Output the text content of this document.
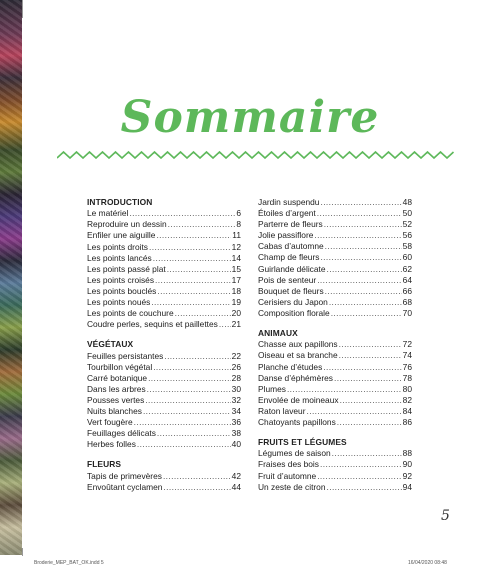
Sommaire
INTRODUCTION
Le matériel .....	6
Reproduire un dessin .....	8
Enfiler une aiguille .....	11
Les points droits .....	12
Les points lancés .....	14
Les points passé plat .....	15
Les points croisés .....	17
Les points bouclés .....	18
Les points noués .....	19
Les points de couchure .....	20
Coudre perles, sequins et paillettes ..... 21
VÉGÉTAUX
Feuilles persistantes .....	22
Tourbillon végétal .....	26
Carré botanique .....	28
Dans les arbres .....	30
Pousses vertes .....	32
Nuits blanches .....	34
Vert fougère .....	36
Feuillages délicats .....	38
Herbes folles .....	40
FLEURS
Tapis de primevères .....	42
Envoûtant cyclamen .....	44
Jardin suspendu .....	48
Étoiles d’argent .....	50
Parterre de fleurs .....	52
Jolie passiflore .....	56
Cabas d’automne .....	58
Champ de fleurs .....	60
Guirlande délicate .....	62
Pois de senteur .....	64
Bouquet de fleurs .....	66
Cerisiers du Japon .....	68
Composition florale .....	70
ANIMAUX
Chasse aux papillons .....	72
Oiseau et sa branche .....	74
Planche d’études .....	76
Danse d’éphémères .....	78
Plumes .....	80
Envolée de moineaux .....	82
Raton laveur .....	84
Chatoyants papillons .....	86
FRUITS ET LÉGUMES
Légumes de saison .....	88
Fraises des bois .....	90
Fruit d’automne .....	92
Un zeste de citron .....	94
5
Broderie_MEP_BAT_OK.indd 5	16/04/2020 08:48
